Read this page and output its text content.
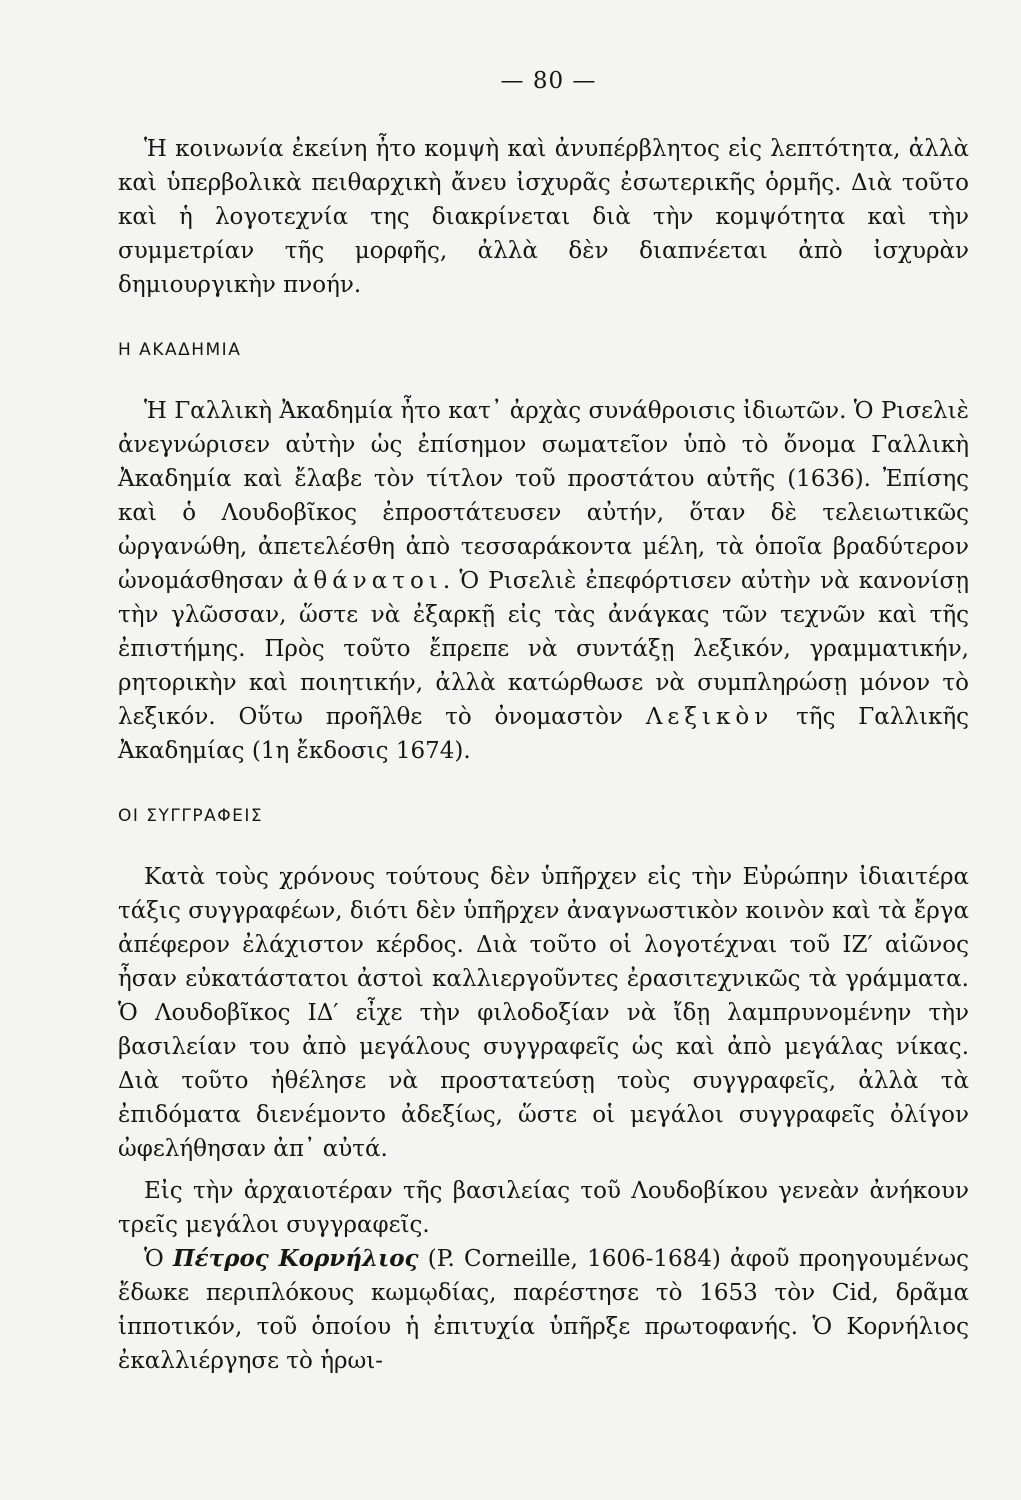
— 80 —

Ἡ κοινωνία ἐκείνη ἦτο κομψὴ καὶ ἀνυπέρβλητος εἰς λεπτότητα, ἀλλὰ καὶ ὑπερβολικὰ πειθαρχικὴ ἄνευ ἰσχυρᾶς ἐσωτερικῆς ὁρμῆς. Διὰ τοῦτο καὶ ἡ λογοτεχνία της διακρίνεται διὰ τὴν κομψότητα καὶ τὴν συμμετρίαν τῆς μορφῆς, ἀλλὰ δὲν διαπνέεται ἀπὸ ἰσχυρὰν δημιουργικὴν πνοήν.

Η ΑΚΑΔΗΜΙΑ

Ἡ Γαλλικὴ Ἀκαδημία ἦτο κατ᾽ ἀρχὰς συνάθροισις ἰδιωτῶν. Ὁ Ρισελιὲ ἀνεγνώρισεν αὐτὴν ὡς ἐπίσημον σωματεῖον ὑπὸ τὸ ὄνομα Γαλλικὴ Ἀκαδημία καὶ ἔλαβε τὸν τίτλον τοῦ προστάτου αὐτῆς (1636). Ἐπίσης καὶ ὁ Λουδοβῖκος ἐπροστάτευσεν αὐτήν, ὅταν δὲ τελειωτικῶς ὠργανώθη, ἀπετελέσθη ἀπὸ τεσσαράκοντα μέλη, τὰ ὁποῖα βραδύτερον ὠνομάσθησαν ἀθάνατοι. Ὁ Ρισελιὲ ἐπεφόρτισεν αὐτὴν νὰ κανονίσῃ τὴν γλῶσσαν, ὥστε νὰ ἐξαρκῇ εἰς τὰς ἀνάγκας τῶν τεχνῶν καὶ τῆς ἐπιστήμης. Πρὸς τοῦτο ἔπρεπε νὰ συντάξῃ λεξικόν, γραμματικήν, ρητορικὴν καὶ ποιητικήν, ἀλλὰ κατώρθωσε νὰ συμπληρώσῃ μόνον τὸ λεξικόν. Οὕτω προῆλθε τὸ ὀνομαστὸν Λεξικὸν τῆς Γαλλικῆς Ἀκαδημίας (1η ἔκδοσις 1674).

ΟΙ ΣΥΓΓΡΑΦΕΙΣ

Κατὰ τοὺς χρόνους τούτους δὲν ὑπῆρχεν εἰς τὴν Εὐρώπην ἰδιαιτέρα τάξις συγγραφέων, διότι δὲν ὑπῆρχεν ἀναγνωστικὸν κοινὸν καὶ τὰ ἔργα ἀπέφερον ἐλάχιστον κέρδος. Διὰ τοῦτο οἱ λογοτέχναι τοῦ ΙΖ′ αἰῶνος ἦσαν εὐκατάστατοι ἀστοὶ καλλιεργοῦντες ἐρασιτεχνικῶς τὰ γράμματα. Ὁ Λουδοβῖκος ΙΔ′ εἶχε τὴν φιλοδοξίαν νὰ ἴδῃ λαμπρυνομένην τὴν βασιλείαν του ἀπὸ μεγάλους συγγραφεῖς ὡς καὶ ἀπὸ μεγάλας νίκας. Διὰ τοῦτο ἠθέλησε νὰ προστατεύσῃ τοὺς συγγραφεῖς, ἀλλὰ τὰ ἐπιδόματα διενέμοντο ἀδεξίως, ὥστε οἱ μεγάλοι συγγραφεῖς ὀλίγον ὠφελήθησαν ἀπ᾽ αὐτά.

Εἰς τὴν ἀρχαιοτέραν τῆς βασιλείας τοῦ Λουδοβίκου γενεὰν ἀνήκουν τρεῖς μεγάλοι συγγραφεῖς.

Ὁ Πέτρος Κορνήλιος (P. Corneille, 1606-1684) ἀφοῦ προηγουμένως ἔδωκε περιπλόκους κωμῳδίας, παρέστησε τὸ 1653 τὸν Cid, δρᾶμα ἱπποτικόν, τοῦ ὁποίου ἡ ἐπιτυχία ὑπῆρξε πρωτοφανής. Ὁ Κορνήλιος ἐκαλλιέργησε τὸ ἡρωι-
